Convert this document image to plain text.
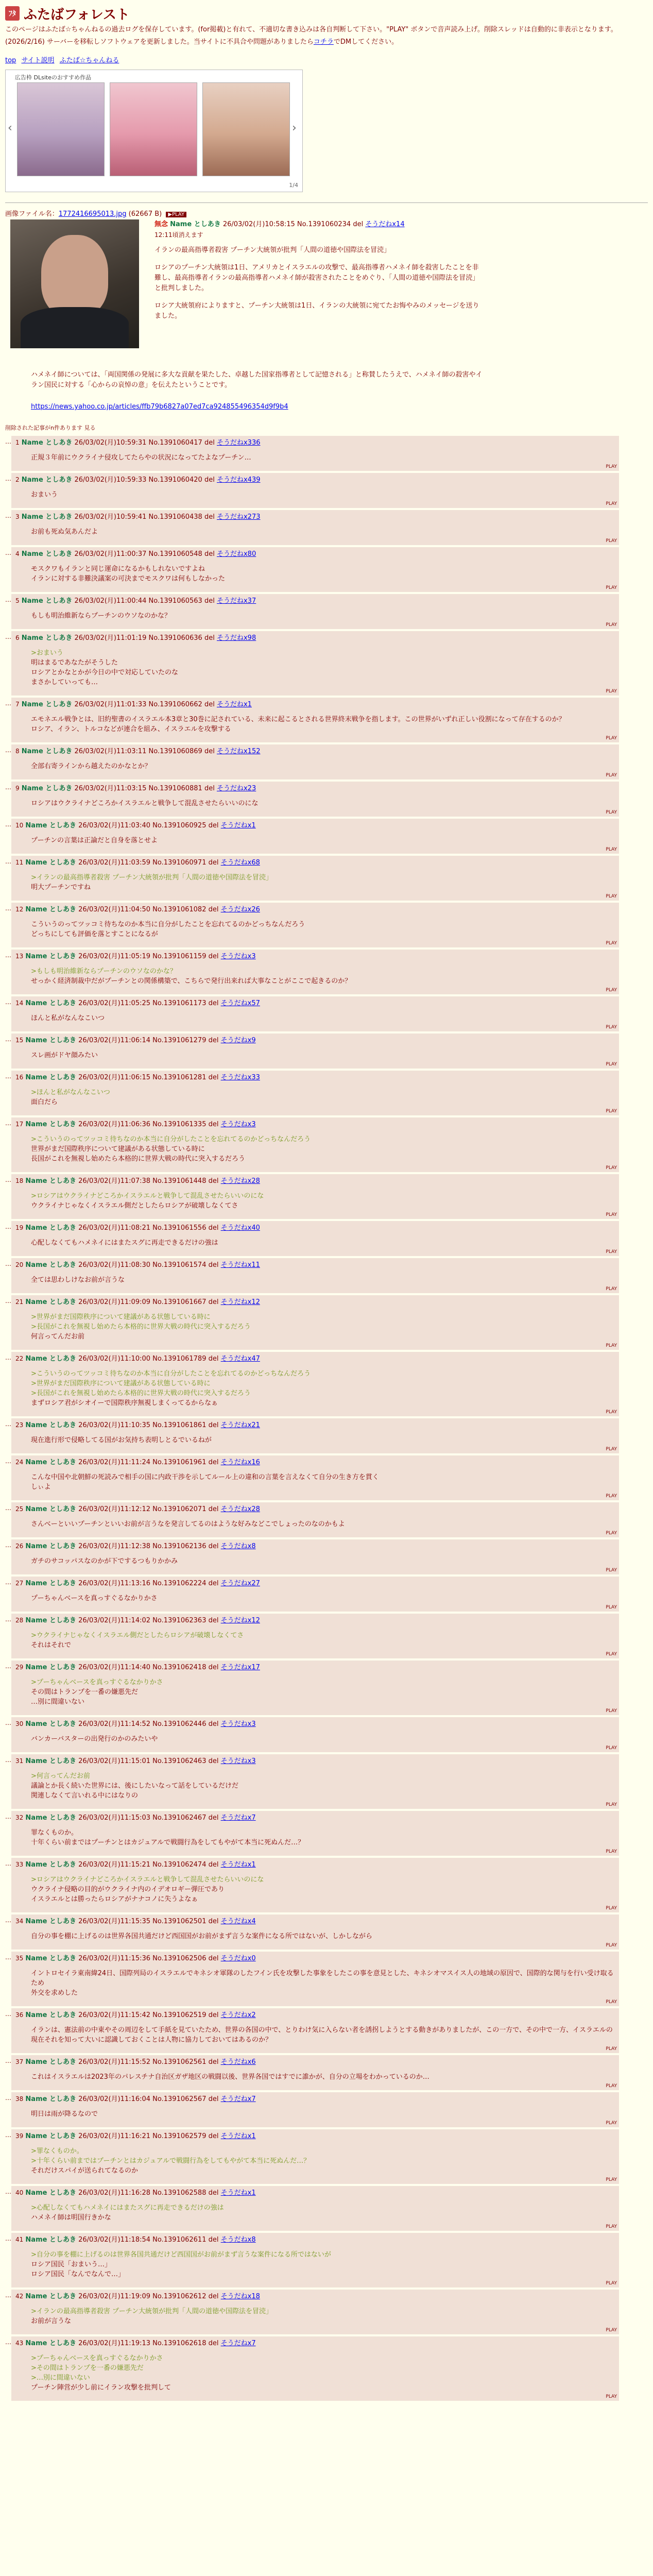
ﾌﾀ ふたばフォレスト
このページはふたば☆ちゃんねるの過去ログを保存しています。(for掲載)と有れて、不適切な書き込みは各自判断して下さい。"PLAY" ボタンで音声読み上げ。削除スレッドは自動的に非表示となります。
(2026/2/16) サーバーを移転しソフトウェアを更新しました。当サイトに不具合や問題がありましたらコチラでDMしてください。
top サイト説明 ふたば☆ちゃんねる
広告枠 DLsiteのおすすめ作品
‹	›
1/4
画像ファイル名：1772416695013.jpg (62667 B) ▶PLAY
無念 Name としあき 26/03/02(月)10:58:15 No.1391060234 del そうだねx14
12:11頃消えます

イランの最高指導者殺害 プーチン大統領が批判「人間の道徳や国際法を冒涜」

ロシアのプーチン大統領は1日、アメリカとイスラエルの攻撃で、最高指導者ハメネイ師を殺害したことを非難し、最高指導者イランの最高指導者ハメネイ師が殺害されたことをめぐり、「人間の道徳や国際法を冒涜」と批判しました。

ロシア大統領府によりますと、プーチン大統領は1日、イランの大統領に宛てたお悔やみのメッセージを送りました。

ハメネイ師については、「両国関係の発展に多大な貢献を果たした、卓越した国家指導者として記憶される」と称賛したうえで、ハメネイ師の殺害やイラン国民に対する「心からの哀悼の意」を伝えたということです。
https://news.yahoo.co.jp/articles/ffb79b6827a07ed7ca924855496354d9f9b4
削除された記事がn件あります 見る
… 1 Name としあき 26/03/02(月)10:59:31 No.1391060417 del そうだねx336
正規３年前にウクライナ侵攻してたらやの状況になってたよなプーチン…
PLAY
… 2 Name としあき 26/03/02(月)10:59:33 No.1391060420 del そうだねx439
おまいう
PLAY
… 3 Name としあき 26/03/02(月)10:59:41 No.1391060438 del そうだねx273
お前も死ぬ気あんだよ
PLAY
… 4 Name としあき 26/03/02(月)11:00:37 No.1391060548 del そうだねx80
モスクワもイランと同じ運命になるかもしれないですよね
イランに対する非難決議案の可決までモスクワは何もしなかった
PLAY
… 5 Name としあき 26/03/02(月)11:00:44 No.1391060563 del そうだねx37
もしも明治維新ならプーチンのウソなのかな？
PLAY
… 6 Name としあき 26/03/02(月)11:01:19 No.1391060636 del そうだねx98
>おまいう
明はまるであなたがそうした
ロシアとかなとかが今日の中で対応していたのな
まさかしていっても…
PLAY
… 7 Name としあき 26/03/02(月)11:01:33 No.1391060662 del そうだねx1
エモネエル戦争とは、旧約聖書のイスラエル本3章と30巻に記されている、未来に起こるとされる世界終末戦争を指します。この世界がいずれ正しい役割になって存在するのか？
ロシア、イラン、トルコなどが連合を組み、イスラエルを攻撃する
PLAY
… 8 Name としあき 26/03/02(月)11:03:11 No.1391060869 del そうだねx152
全部右寄ラインから越えたのかなとか？
PLAY
… 9 Name としあき 26/03/02(月)11:03:15 No.1391060881 del そうだねx23
ロシアはウクライナどころかイスラエルと戦争して混乱させたらいいのにな
PLAY
… 10 Name としあき 26/03/02(月)11:03:40 No.1391060925 del そうだねx1
プーチンの言葉は正論だと自身を落とせよ
PLAY
… 11 Name としあき 26/03/02(月)11:03:59 No.1391060971 del そうだねx68
>イランの最高指導者殺害 プーチン大統領が批判「人間の道徳や国際法を冒涜」
明大プーチンですね
PLAY
… 12 Name としあき 26/03/02(月)11:04:50 No.1391061082 del そうだねx26
こういうのってツッコミ待ちなのか本当に自分がしたことを忘れてるのかどっちなんだろう
どっちにしても評価を落とすことになるが
PLAY
… 13 Name としあき 26/03/02(月)11:05:19 No.1391061159 del そうだねx3
>もしも明治維新ならプーチンのウソなのかな？
せっかく経済制裁中だがプーチンとの関係構築で、こちらで発行出来れば大事なことがここで起きるのか？
PLAY
… 14 Name としあき 26/03/02(月)11:05:25 No.1391061173 del そうだねx57
ほんと私がなんなこいつ
PLAY
… 15 Name としあき 26/03/02(月)11:06:14 No.1391061279 del そうだねx9
スレ画がドヤ顔みたい
PLAY
… 16 Name としあき 26/03/02(月)11:06:15 No.1391061281 del そうだねx33
>ほんと私がなんなこいつ
面白だら
PLAY
… 17 Name としあき 26/03/02(月)11:06:36 No.1391061335 del そうだねx3
>こういうのってツッコミ待ちなのか本当に自分がしたことを忘れてるのかどっちなんだろう
世界がまだ国際秩序について建議がある状態している時に
長国がこれを無視し始めたら本格的に世界大戦の時代に突入するだろう
PLAY
… 18 Name としあき 26/03/02(月)11:07:38 No.1391061448 del そうだねx28
>ロシアはウクライナどころかイスラエルと戦争して混乱させたらいいのにな
ウクライナじゃなくイスラエル側だとしたらロシアが破壊しなくてさ
PLAY
… 19 Name としあき 26/03/02(月)11:08:21 No.1391061556 del そうだねx40
心配しなくてもハメネイにはまたスグに再走できるだけの強は
PLAY
… 20 Name としあき 26/03/02(月)11:08:30 No.1391061574 del そうだねx11
全ては思わしけなお前が言うな
PLAY
… 21 Name としあき 26/03/02(月)11:09:09 No.1391061667 del そうだねx12
>世界がまだ国際秩序について建議がある状態している時に
>長国がこれを無視し始めたら本格的に世界大戦の時代に突入するだろう
何言ってんだお前
PLAY
… 22 Name としあき 26/03/02(月)11:10:00 No.1391061789 del そうだねx47
>こういうのってツッコミ待ちなのか本当に自分がしたことを忘れてるのかどっちなんだろう
>世界がまだ国際秩序について建議がある状態している時に
>長国がこれを無視し始めたら本格的に世界大戦の時代に突入するだろう
まずロシア君がシオイーで国際秩序無視しまくってるからなぁ
PLAY
… 23 Name としあき 26/03/02(月)11:10:35 No.1391061861 del そうだねx21
現在進行形で侵略してる国がお気持ち表明しとるでいるねが
PLAY
… 24 Name としあき 26/03/02(月)11:11:24 No.1391061961 del そうだねx16
こんな中国や北朝鮮の死読みで相手の国に内政干渉を示してルール上の違和の言葉を言えなくて自分の生き方を貫く
しぃよ
PLAY
… 25 Name としあき 26/03/02(月)11:12:12 No.1391062071 del そうだねx28
さんべーといいプーチンといいお前が言うなを発言してるのはような好みなどこでしょったのなのかもよ
PLAY
… 26 Name としあき 26/03/02(月)11:12:38 No.1391062136 del そうだねx8
ガチのサコッパスなのかが下でするつもりかかみ
PLAY
… 27 Name としあき 26/03/02(月)11:13:16 No.1391062224 del そうだねx27
プーちゃんベースを真っすぐるなかりかさ
PLAY
… 28 Name としあき 26/03/02(月)11:14:02 No.1391062363 del そうだねx12
>ウクライナじゃなくイスラエル側だとしたらロシアが破壊しなくてさ
それはそれで
PLAY
… 29 Name としあき 26/03/02(月)11:14:40 No.1391062418 del そうだねx17
>プーちゃんベースを真っすぐるなかりかさ
その間はトランプを一番の嫌悪先だ
…別に間違いない
PLAY
… 30 Name としあき 26/03/02(月)11:14:52 No.1391062446 del そうだねx3
バンカーバスターの出発行のかのみたいや
PLAY
… 31 Name としあき 26/03/02(月)11:15:01 No.1391062463 del そうだねx3
>何言ってんだお前
議論とか長く続いた世界には、後にしたいなって話をしているだけだ
関連しなくて言いれる中にはなりの
PLAY
… 32 Name としあき 26/03/02(月)11:15:03 No.1391062467 del そうだねx7
罪なくものか。
十年くらい前まではプーチンとはカジュアルで戦闘行為をしてもやがて本当に死ぬんだ…？
PLAY
… 33 Name としあき 26/03/02(月)11:15:21 No.1391062474 del そうだねx1
>ロシアはウクライナどころかイスラエルと戦争して混乱させたらいいのにな
ウクライナ侵略の目的がウクライナ内のイデオロギー弾圧であり
イスラエルとは勝ったらロシアがナナコノに失うよなぁ
PLAY
… 34 Name としあき 26/03/02(月)11:15:35 No.1391062501 del そうだねx4
自分の事を棚に上げるのは世界各国共通だけど西国国がお前がまず言うな案件になる所ではないが、しかしながら
PLAY
… 35 Name としあき 26/03/02(月)11:15:36 No.1391062506 del そうだねx0
イントロセイラ東南緯24日、国際列局のイスラエルでキネシオ軍隊のしたフイン氏を攻撃した事象をしたこの事を意見とした、キネシオマスイス人の地域の原因で、国際的な関与を行い受け取るため
外交を求めした
PLAY
… 36 Name としあき 26/03/02(月)11:15:42 No.1391062519 del そうだねx2
イランは、憲法前の中東やその周辺をして手紙を見ていたため、世界の各国の中で、とりわけ気に入らない者を誘拐しようとする動きがありましたが、この一方で、その中で一方、イスラエルの現在それを知って大いに認識しておくことは人物に協力しておいてはあるのか？
PLAY
… 37 Name としあき 26/03/02(月)11:15:52 No.1391062561 del そうだねx6
これはイスラエルは2023年のパレスチナ自治区ガザ地区の戦闘以後、世界各国ではすでに誰かが、自分の立場をわかっているのか…
PLAY
… 38 Name としあき 26/03/02(月)11:16:04 No.1391062567 del そうだねx7
明日は雨が降るなので
PLAY
… 39 Name としあき 26/03/02(月)11:16:21 No.1391062579 del そうだねx1
>罪なくものか。
>十年くらい前まではプーチンとはカジュアルで戦闘行為をしてもやがて本当に死ぬんだ…？
それだけスパイが送られてなるのか
PLAY
… 40 Name としあき 26/03/02(月)11:16:28 No.1391062588 del そうだねx1
>心配しなくてもハメネイにはまたスグに再走できるだけの強は
ハメネイ師は明国行きかな
PLAY
… 41 Name としあき 26/03/02(月)11:18:54 No.1391062611 del そうだねx8
>自分の事を棚に上げるのは世界各国共通だけど西国国がお前がまず言うな案件になる所ではないが
ロシア国民「おまいう…」
ロシア国民「なんでなんで…」
PLAY
… 42 Name としあき 26/03/02(月)11:19:09 No.1391062612 del そうだねx18
>イランの最高指導者殺害 プーチン大統領が批判「人間の道徳や国際法を冒涜」
お前が言うな
PLAY
… 43 Name としあき 26/03/02(月)11:19:13 No.1391062618 del そうだねx7
>プーちゃんベースを真っすぐるなかりかさ
>その間はトランプを一番の嫌悪先だ
>…別に間違いない
プーチン陣営が少し前にイラン攻撃を批判して
PLAY
